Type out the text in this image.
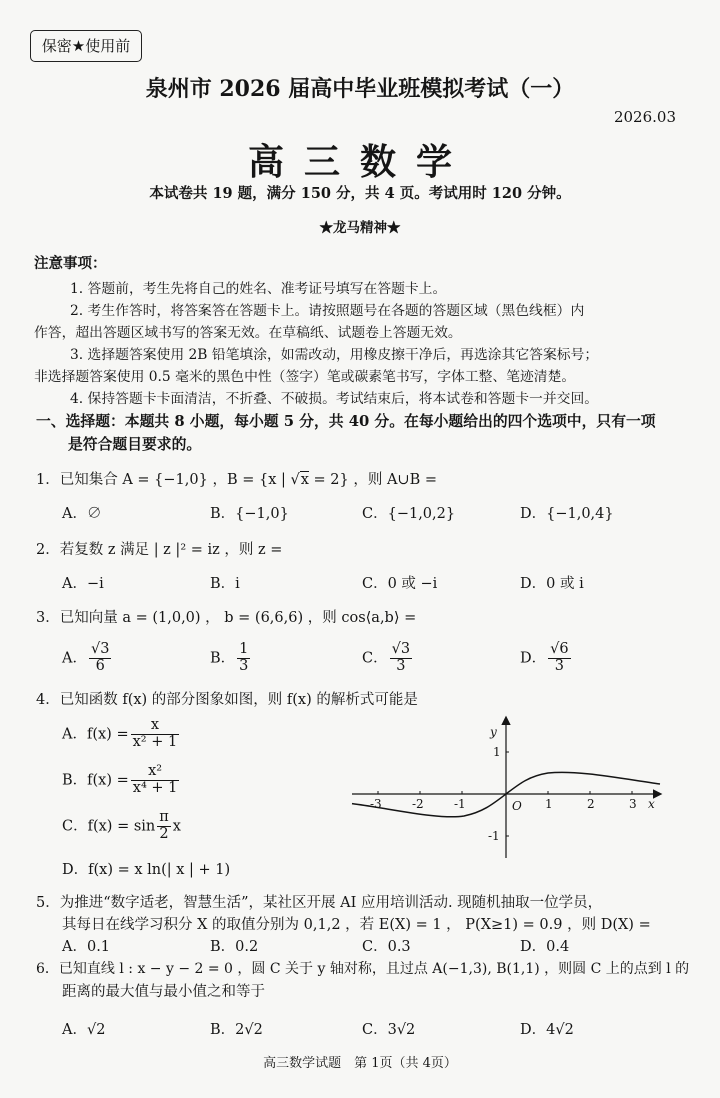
保密★使用前
泉州市 2026 届高中毕业班模拟考试（一）
2026.03
高三数学
本试卷共 19 题，满分 150 分，共 4 页。考试用时 120 分钟。
★龙马精神★
注意事项：
1. 答题前，考生先将自己的姓名、准考证号填写在答题卡上。
2. 考生作答时，将答案答在答题卡上。请按照题号在各题的答题区域（黑色线框）内
作答，超出答题区域书写的答案无效。在草稿纸、试题卷上答题无效。
3. 选择题答案使用 2B 铅笔填涂，如需改动，用橡皮擦干净后，再选涂其它答案标号；
非选择题答案使用 0.5 毫米的黑色中性（签字）笔或碳素笔书写，字体工整、笔迹清楚。
4. 保持答题卡卡面清洁，不折叠、不破损。考试结束后，将本试卷和答题卡一并交回。
一、选择题：本题共 8 小题，每小题 5 分，共 40 分。在每小题给出的四个选项中，只有一项
是符合题目要求的。
1．已知集合 A = {−1,0} ，B = {x | √x = 2} ，则 A∪B =
A．∅	B．{−1,0}	C．{−1,0,2}	D．{−1,0,4}
2．若复数 z 满足 | z |² = iz ，则 z =
A．−i	B．i	C．0 或 −i	D．0 或 i
3．已知向量 a = (1,0,0) ， b = (6,6,6) ，则 cos⟨a,b⟩ =
A． $\frac{√3}{6}$	B． $\frac{1}{3}$	C． $\frac{√3}{3}$	D． $\frac{√6}{3}$
4．已知函数 f(x) 的部分图象如图，则 f(x) 的解析式可能是
A．$f(x) = \frac{x}{\text{x² + 1}}$
B．$f(x) = \frac{\text{x²}}{\text{x⁴ + 1}}$
C．$f(x) = \sin \frac{\pi}{2}$ x
D．f(x) = x ln(| x | + 1)
-3	-2	-1	1	2	3
1
-1
O
y
x
5．为推进“数字适老，智慧生活”，某社区开展 AI 应用培训活动. 现随机抽取一位学员，
其每日在线学习积分 X 的取值分别为 0,1,2 ，若 E(X) = 1 ， P(X≥1) = 0.9 ，则 D(X) =
A．0.1	B．0.2	C．0.3	D．0.4
6．已知直线 l : x − y − 2 = 0 ，圆 C 关于 y 轴对称，且过点 A(−1,3), B(1,1) ，则圆 C 上的点到 l 的
距离的最大值与最小值之和等于
A．√2	B．2√2	C．3√2	D．4√2
高三数学试题　第 1页（共 4页）
